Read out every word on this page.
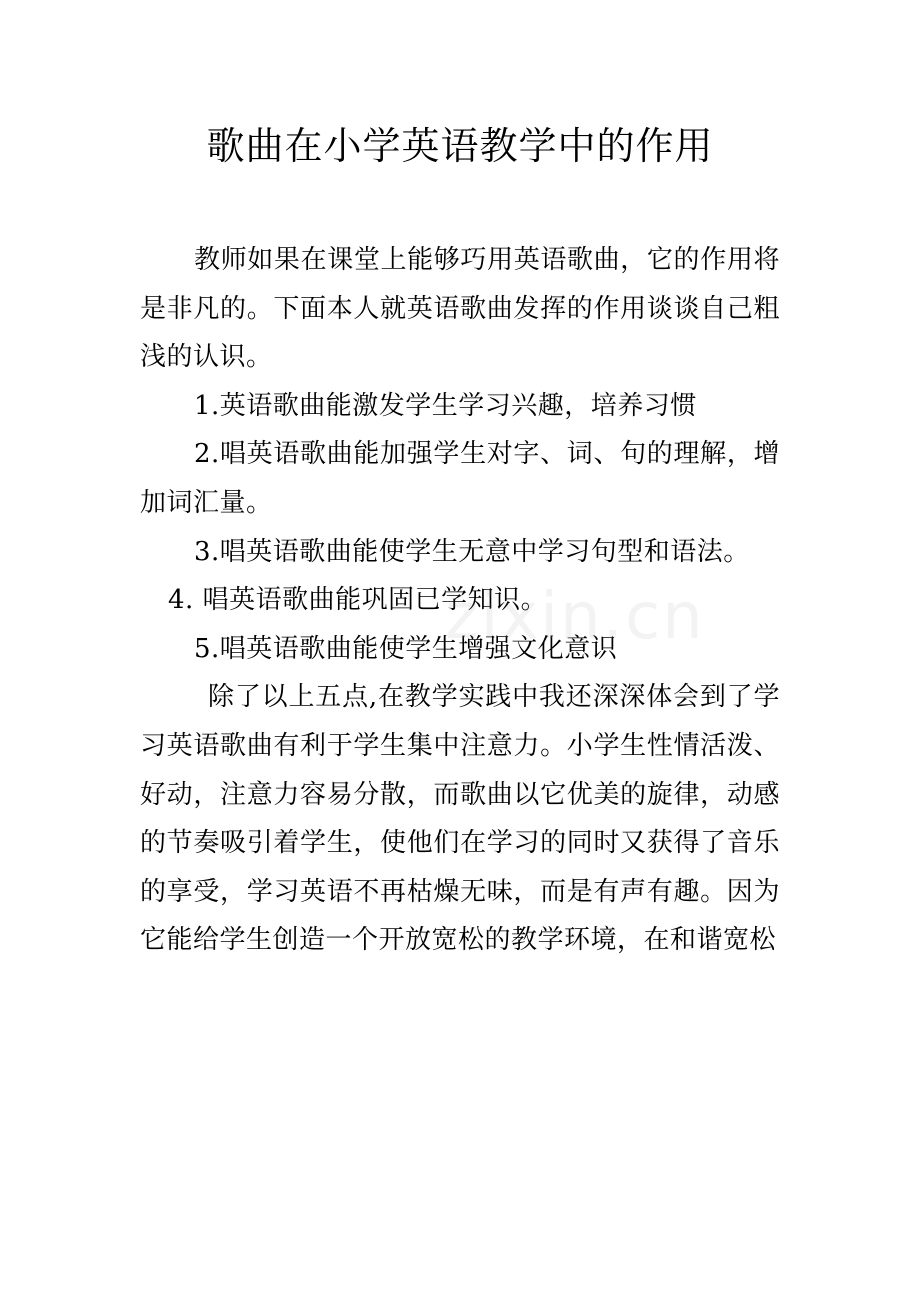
歌曲在小学英语教学中的作用

教师如果在课堂上能够巧用英语歌曲，它的作用将是非凡的。下面本人就英语歌曲发挥的作用谈谈自己粗浅的认识。

1.英语歌曲能激发学生学习兴趣，培养习惯

2.唱英语歌曲能加强学生对字、词、句的理解，增加词汇量。

3.唱英语歌曲能使学生无意中学习句型和语法。

4. 唱英语歌曲能巩固已学知识。

5.唱英语歌曲能使学生增强文化意识

除了以上五点,在教学实践中我还深深体会到了学习英语歌曲有利于学生集中注意力。小学生性情活泼、好动，注意力容易分散，而歌曲以它优美的旋律，动感的节奏吸引着学生，使他们在学习的同时又获得了音乐的享受，学习英语不再枯燥无味，而是有声有趣。因为它能给学生创造一个开放宽松的教学环境，在和谐宽松

zixin.cn
